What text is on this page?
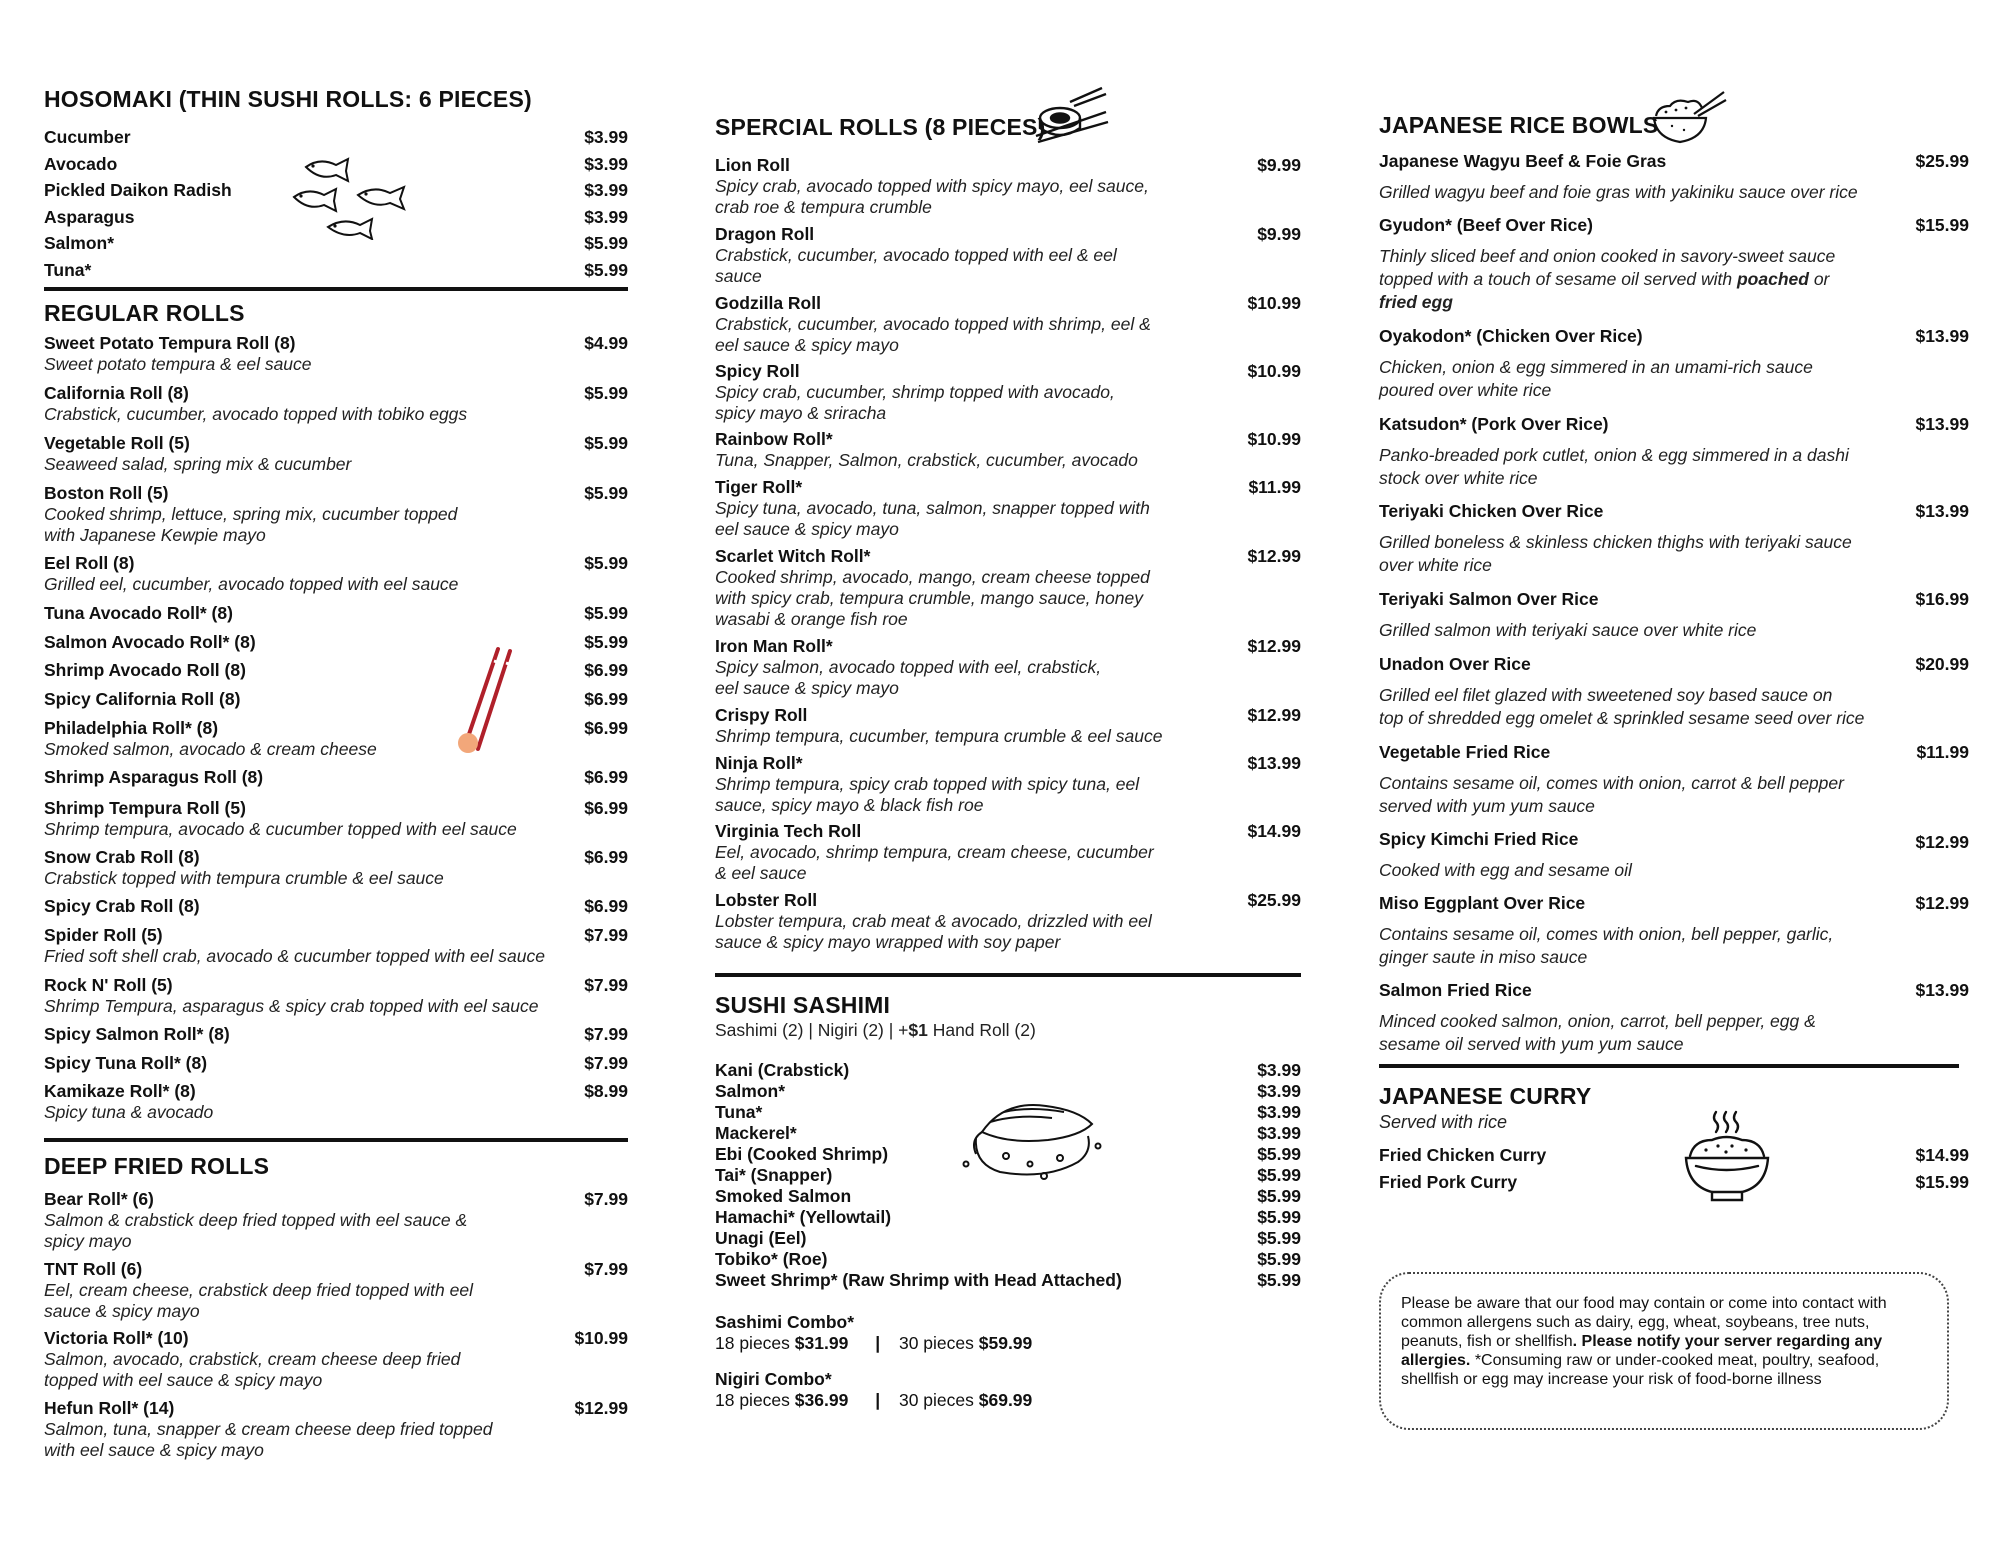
HOSOMAKI (THIN SUSHI ROLLS: 6 PIECES)
Cucumber	$3.99
Avocado	$3.99
Pickled Daikon Radish	$3.99
Asparagus	$3.99
Salmon*	$5.99
Tuna*	$5.99
REGULAR ROLLS
Sweet Potato Tempura Roll (8)	$4.99
Sweet potato tempura & eel sauce
California Roll (8)	$5.99
Crabstick, cucumber, avocado topped with tobiko eggs
Vegetable Roll (5)	$5.99
Seaweed salad, spring mix & cucumber
Boston Roll (5)	$5.99
Cooked shrimp, lettuce, spring mix, cucumber topped
with Japanese Kewpie mayo
Eel Roll (8)	$5.99
Grilled eel, cucumber, avocado topped with eel sauce
Tuna Avocado Roll* (8)	$5.99
Salmon Avocado Roll* (8)	$5.99
Shrimp Avocado Roll (8)	$6.99
Spicy California Roll (8)	$6.99
Philadelphia Roll* (8)	$6.99
Smoked salmon, avocado & cream cheese
Shrimp Asparagus Roll (8)	$6.99
Shrimp Tempura Roll (5)	$6.99
Shrimp tempura, avocado & cucumber topped with eel sauce
Snow Crab Roll (8)	$6.99
Crabstick topped with tempura crumble & eel sauce
Spicy Crab Roll (8)	$6.99
Spider Roll (5)	$7.99
Fried soft shell crab, avocado & cucumber topped with eel sauce
Rock N' Roll (5)	$7.99
Shrimp Tempura, asparagus & spicy crab topped with eel sauce
Spicy Salmon Roll* (8)	$7.99
Spicy Tuna Roll* (8)	$7.99
Kamikaze Roll* (8)	$8.99
Spicy tuna & avocado
DEEP FRIED ROLLS
Bear Roll* (6)	$7.99
Salmon & crabstick deep fried topped with eel sauce &
spicy mayo
TNT Roll (6)	$7.99
Eel, cream cheese, crabstick deep fried topped with eel
sauce & spicy mayo
Victoria Roll* (10)	$10.99
Salmon, avocado, crabstick, cream cheese deep fried
topped with eel sauce & spicy mayo
Hefun Roll* (14)	$12.99
Salmon, tuna, snapper & cream cheese deep fried topped
with eel sauce & spicy mayo
SPERCIAL ROLLS (8 PIECES)
Lion Roll	$9.99
Spicy crab, avocado topped with spicy mayo, eel sauce,
crab roe & tempura crumble
Dragon Roll	$9.99
Crabstick, cucumber, avocado topped with eel & eel
sauce
Godzilla Roll	$10.99
Crabstick, cucumber, avocado topped with shrimp, eel &
eel sauce & spicy mayo
Spicy Roll	$10.99
Spicy crab, cucumber, shrimp topped with avocado,
spicy mayo & sriracha
Rainbow Roll*	$10.99
Tuna, Snapper, Salmon, crabstick, cucumber, avocado
Tiger Roll*	$11.99
Spicy tuna, avocado, tuna, salmon, snapper topped with
eel sauce & spicy mayo
Scarlet Witch Roll*	$12.99
Cooked shrimp, avocado, mango, cream cheese topped
with spicy crab, tempura crumble, mango sauce, honey
wasabi & orange fish roe
Iron Man Roll*	$12.99
Spicy salmon, avocado topped with eel, crabstick,
eel sauce & spicy mayo
Crispy Roll	$12.99
Shrimp tempura, cucumber, tempura crumble & eel sauce
Ninja Roll*	$13.99
Shrimp tempura, spicy crab topped with spicy tuna, eel
sauce, spicy mayo & black fish roe
Virginia Tech Roll	$14.99
Eel, avocado, shrimp tempura, cream cheese, cucumber
& eel sauce
Lobster Roll	$25.99
Lobster tempura, crab meat & avocado, drizzled with eel
sauce & spicy mayo wrapped with soy paper
SUSHI SASHIMI
Sashimi (2) | Nigiri (2) | +$1 Hand Roll (2)
Kani (Crabstick)	$3.99
Salmon*	$3.99
Tuna*	$3.99
Mackerel*	$3.99
Ebi (Cooked Shrimp)	$5.99
Tai* (Snapper)	$5.99
Smoked Salmon	$5.99
Hamachi* (Yellowtail)	$5.99
Unagi (Eel)	$5.99
Tobiko* (Roe)	$5.99
Sweet Shrimp* (Raw Shrimp with Head Attached)	$5.99
Sashimi Combo*
18 pieces $31.99 | 30 pieces $59.99
Nigiri Combo*
18 pieces $36.99 | 30 pieces $69.99
JAPANESE RICE BOWLS
Japanese Wagyu Beef & Foie Gras	$25.99
Grilled wagyu beef and foie gras with yakiniku sauce over rice
Gyudon* (Beef Over Rice)	$15.99
Thinly sliced beef and onion cooked in savory-sweet sauce
topped with a touch of sesame oil served with poached or
fried egg
Oyakodon* (Chicken Over Rice)	$13.99
Chicken, onion & egg simmered in an umami-rich sauce
poured over white rice
Katsudon* (Pork Over Rice)	$13.99
Panko-breaded pork cutlet, onion & egg simmered in a dashi
stock over white rice
Teriyaki Chicken Over Rice	$13.99
Grilled boneless & skinless chicken thighs with teriyaki sauce
over white rice
Teriyaki Salmon Over Rice	$16.99
Grilled salmon with teriyaki sauce over white rice
Unadon Over Rice	$20.99
Grilled eel filet glazed with sweetened soy based sauce on
top of shredded egg omelet & sprinkled sesame seed over rice
Vegetable Fried Rice	$11.99
Contains sesame oil, comes with onion, carrot & bell pepper
served with yum yum sauce
Spicy Kimchi Fried Rice	$12.99
Cooked with egg and sesame oil
Miso Eggplant Over Rice	$12.99
Contains sesame oil, comes with onion, bell pepper, garlic,
ginger saute in miso sauce
Salmon Fried Rice	$13.99
Minced cooked salmon, onion, carrot, bell pepper, egg &
sesame oil served with yum yum sauce
JAPANESE CURRY
Served with rice
Fried Chicken Curry	$14.99
Fried Pork Curry	$15.99
Please be aware that our food may contain or come into contact with common allergens such as dairy, egg, wheat, soybeans, tree nuts, peanuts, fish or shellfish. Please notify your server regarding any allergies. *Consuming raw or under-cooked meat, poultry, seafood, shellfish or egg may increase your risk of food-borne illness
